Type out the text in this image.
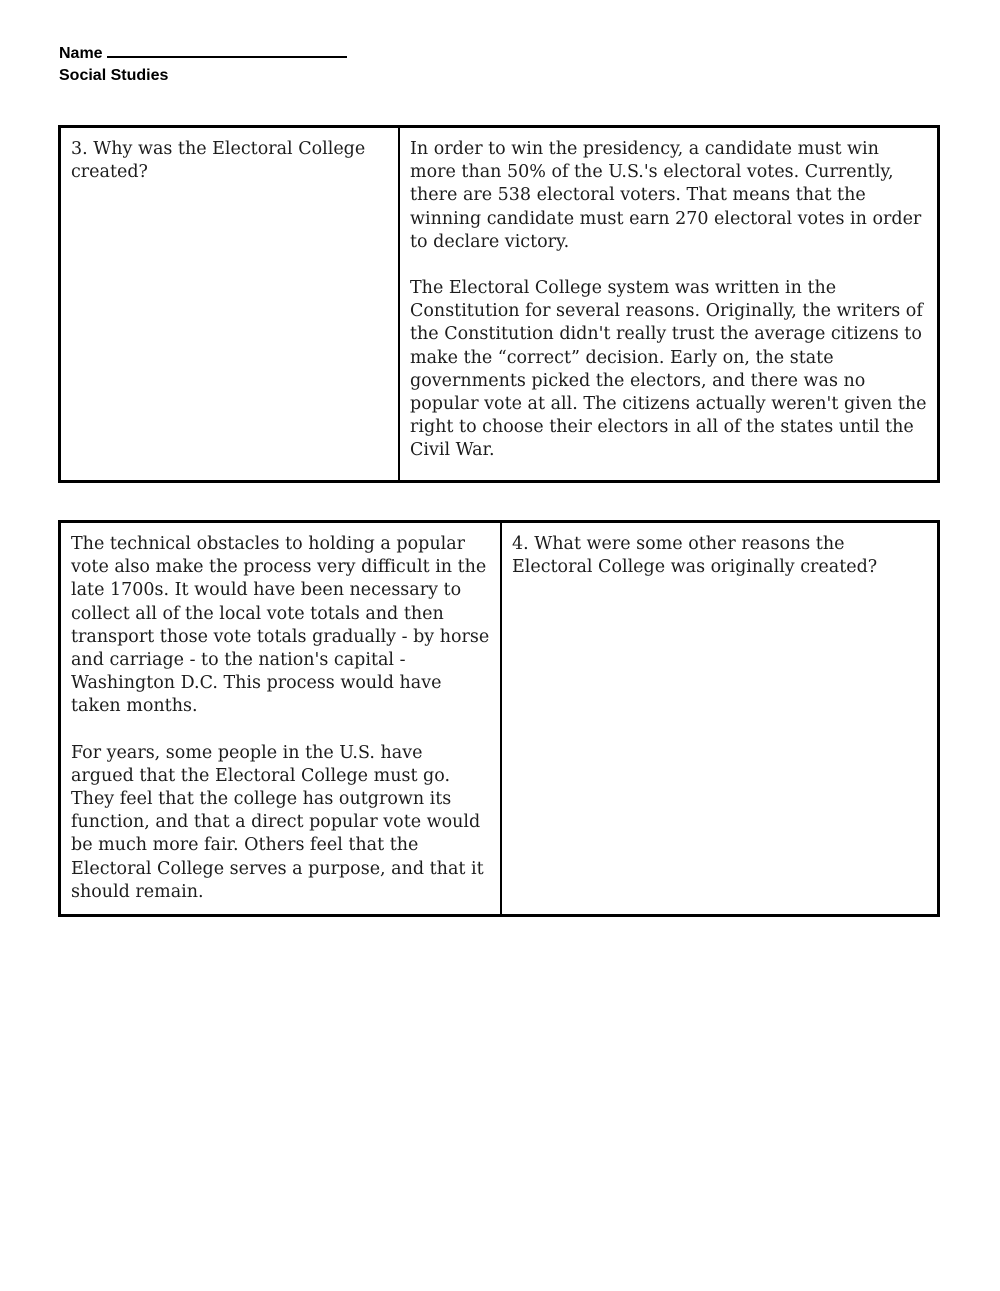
Name
Social Studies

3. Why was the Electoral College created?

In order to win the presidency, a candidate must win more than 50% of the U.S.'s electoral votes. Currently, there are 538 electoral voters. That means that the winning candidate must earn 270 electoral votes in order to declare victory.

The Electoral College system was written in the Constitution for several reasons. Originally, the writers of the Constitution didn't really trust the average citizens to make the “correct” decision. Early on, the state governments picked the electors, and there was no popular vote at all. The citizens actually weren't given the right to choose their electors in all of the states until the Civil War.

The technical obstacles to holding a popular vote also make the process very difficult in the late 1700s. It would have been necessary to collect all of the local vote totals and then transport those vote totals gradually - by horse and carriage - to the nation's capital - Washington D.C. This process would have taken months.

For years, some people in the U.S. have argued that the Electoral College must go. They feel that the college has outgrown its function, and that a direct popular vote would be much more fair. Others feel that the Electoral College serves a purpose, and that it should remain.

4. What were some other reasons the Electoral College was originally created?
